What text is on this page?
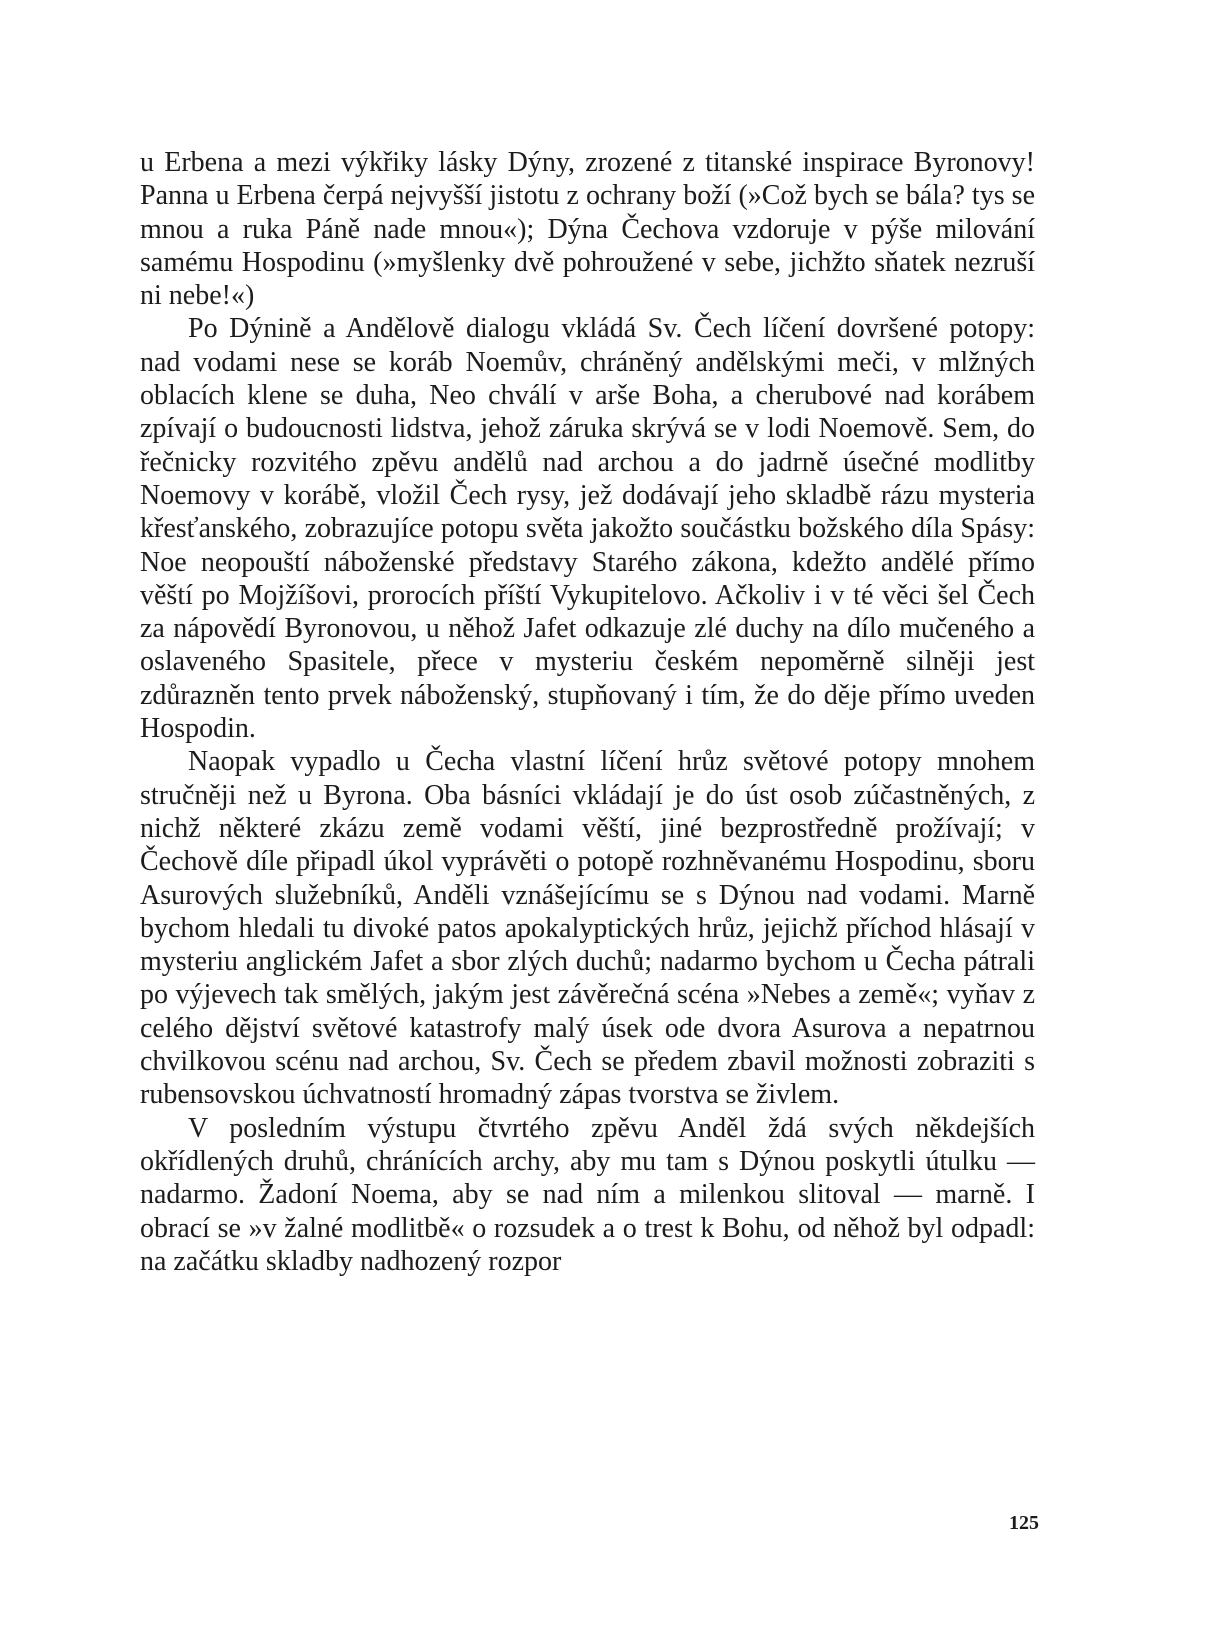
u Erbena a mezi výkřiky lásky Dýny, zrozené z titanské inspirace Byronovy! Panna u Erbena čerpá nejvyšší jistotu z ochrany boží (»Což bych se bála? tys se mnou a ruka Páně nade mnou«); Dýna Čechova vzdoruje v pýše milování samému Hospodinu (»myšlenky dvě pohroužené v sebe, jichžto sňatek nezruší ni nebe!«)

Po Dýnině a Andělově dialogu vkládá Sv. Čech líčení dovršené potopy: nad vodami nese se koráb Noemův, chráněný andělskými meči, v mlžných oblacích klene se duha, Neo chválí v arše Boha, a cherubové nad korábem zpívají o budoucnosti lidstva, jehož záruka skrývá se v lodi Noemově. Sem, do řečnicky rozvitého zpěvu andělů nad archou a do jadrně úsečné modlitby Noemovy v korábě, vložil Čech rysy, jež dodávají jeho skladbě rázu mysteria křesťanského, zobrazujíce potopu světa jakožto součástku božského díla Spásy: Noe neopouští náboženské představy Starého zákona, kdežto andělé přímo věští po Mojžíšovi, prorocích příští Vykupitelovo. Ačkoliv i v té věci šel Čech za nápovědí Byronovou, u něhož Jafet odkazuje zlé duchy na dílo mučeného a oslaveného Spasitele, přece v mysteriu českém nepoměrně silněji jest zdůrazněn tento prvek náboženský, stupňovaný i tím, že do děje přímo uveden Hospodin.

Naopak vypadlo u Čecha vlastní líčení hrůz světové potopy mnohem stručněji než u Byrona. Oba básníci vkládají je do úst osob zúčastněných, z nichž některé zkázu země vodami věští, jiné bezprostředně prožívají; v Čechově díle připadl úkol vyprávěti o potopě rozhněvanému Hospodinu, sboru Asurových služebníků, Anděli vznášejícímu se s Dýnou nad vodami. Marně bychom hledali tu divoké patos apokalyptických hrůz, jejichž příchod hlásají v mysteriu anglickém Jafet a sbor zlých duchů; nadarmo bychom u Čecha pátrali po výjevech tak smělých, jakým jest závěrečná scéna »Nebes a země«; vyňav z celého dějství světové katastrofy malý úsek ode dvora Asurova a nepatrnou chvilkovou scénu nad archou, Sv. Čech se předem zbavil možnosti zobraziti s rubensovskou úchvatností hromadný zápas tvorstva se živlem.

V posledním výstupu čtvrtého zpěvu Anděl ždá svých někdejších okřídlených druhů, chránících archy, aby mu tam s Dýnou poskytli útulku — nadarmo. Žadoní Noema, aby se nad ním a milenkou slitoval — marně. I obrací se »v žalné modlitbě« o rozsudek a o trest k Bohu, od něhož byl odpadl: na začátku skladby nadhozený rozpor

125
